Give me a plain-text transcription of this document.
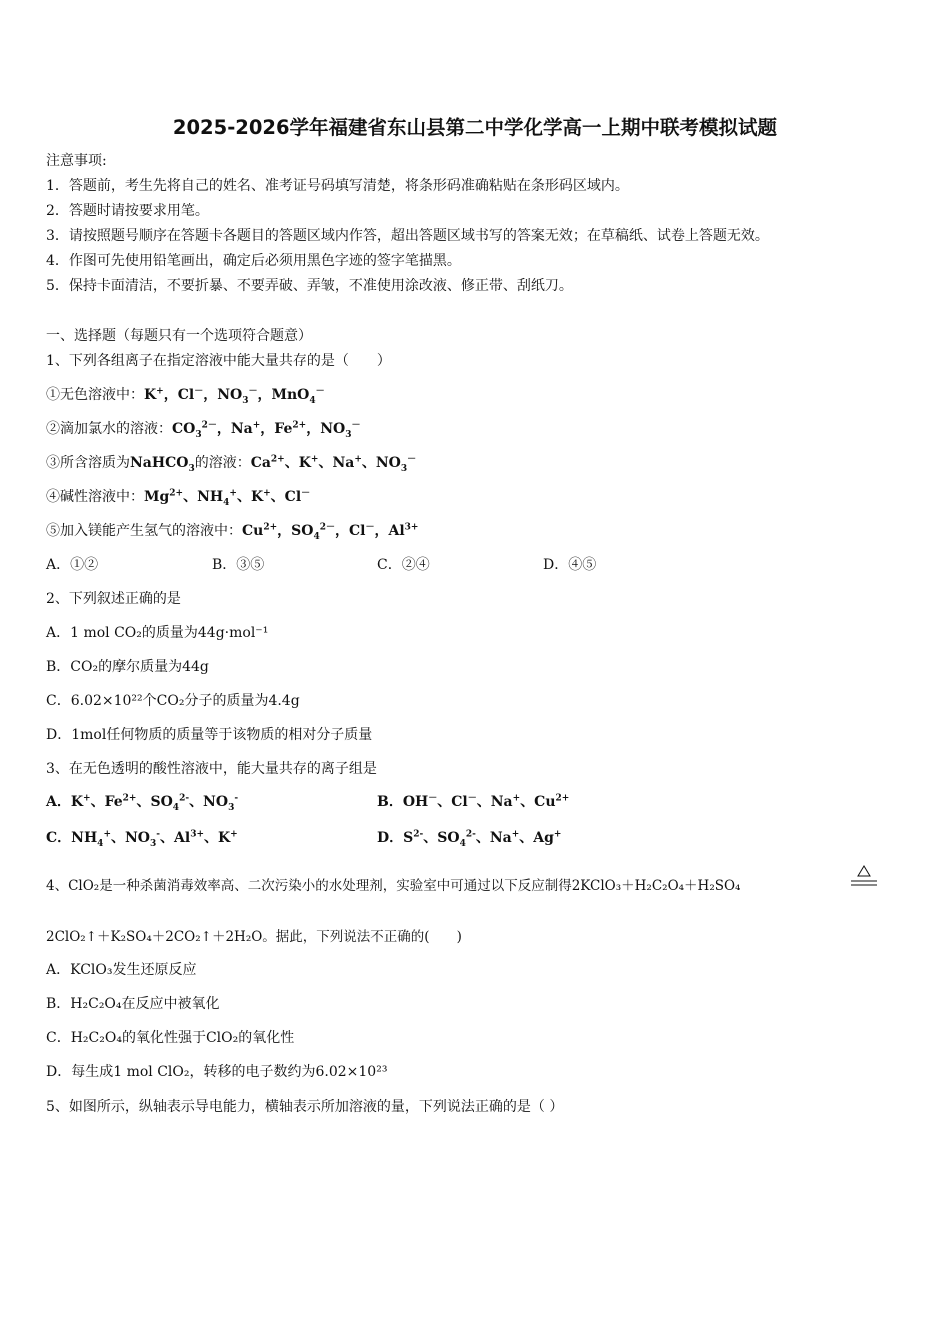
2025-2026学年福建省东山县第二中学化学高一上期中联考模拟试题
注意事项:
1．答题前，考生先将自己的姓名、准考证号码填写清楚，将条形码准确粘贴在条形码区域内。
2．答题时请按要求用笔。
3．请按照题号顺序在答题卡各题目的答题区域内作答，超出答题区域书写的答案无效；在草稿纸、试卷上答题无效。
4．作图可先使用铅笔画出，确定后必须用黑色字迹的签字笔描黑。
5．保持卡面清洁，不要折暴、不要弄破、弄皱，不准使用涂改液、修正带、刮纸刀。
一、选择题（每题只有一个选项符合题意）
1、下列各组离子在指定溶液中能大量共存的是（　　）
①无色溶液中：K+，Cl－，$NO_3^-$，MnO$_4$－
②滴加氯水的溶液：$CO_3^{2-}$，Na+，$Fe^{2+}$，$NO_3^-$
③所含溶质为NaHCO$_3$的溶液：$Ca^{2+}$、K+、Na+、$NO_3^-$
④碱性溶液中：$Mg^{2+}$、$NH_4^+$、K+、Cl－
⑤加入镁能产生氢气的溶液中：$Cu^{2+}$，$SO_4^{2-}$，Cl－，$Al^{3+}$
A．①②	B．③⑤	C．②④	D．④⑤
2、下列叙述正确的是
A．1 mol CO₂的质量为44g·mol⁻¹
B．CO₂的摩尔质量为44g
C．6.02×10²²个CO₂分子的质量为4.4g
D．1mol任何物质的质量等于该物质的相对分子质量
3、在无色透明的酸性溶液中，能大量共存的离子组是
A．K+、$Fe^{2+}$、$SO_4^{2-}$、$NO_3^-$	B．OH－、Cl－、Na+、$Cu^{2+}$
C．$NH_4^+$、$NO_3^-$、$Al^{3+}$、K+	D．$S^{2-}$、$SO_4^{2-}$、Na+、Ag+
4、ClO₂是一种杀菌消毒效率高、二次污染小的水处理剂，实验室中可通过以下反应制得2KClO₃＋H₂C₂O₄＋H₂SO₄
2ClO₂↑＋K₂SO₄＋2CO₂↑＋2H₂O。据此，下列说法不正确的(　　)
A．KClO₃发生还原反应
B．H₂C₂O₄在反应中被氧化
C．H₂C₂O₄的氧化性强于ClO₂的氧化性
D．每生成1 mol ClO₂，转移的电子数约为6.02×10²³
5、如图所示，纵轴表示导电能力，横轴表示所加溶液的量，下列说法正确的是（ ）
